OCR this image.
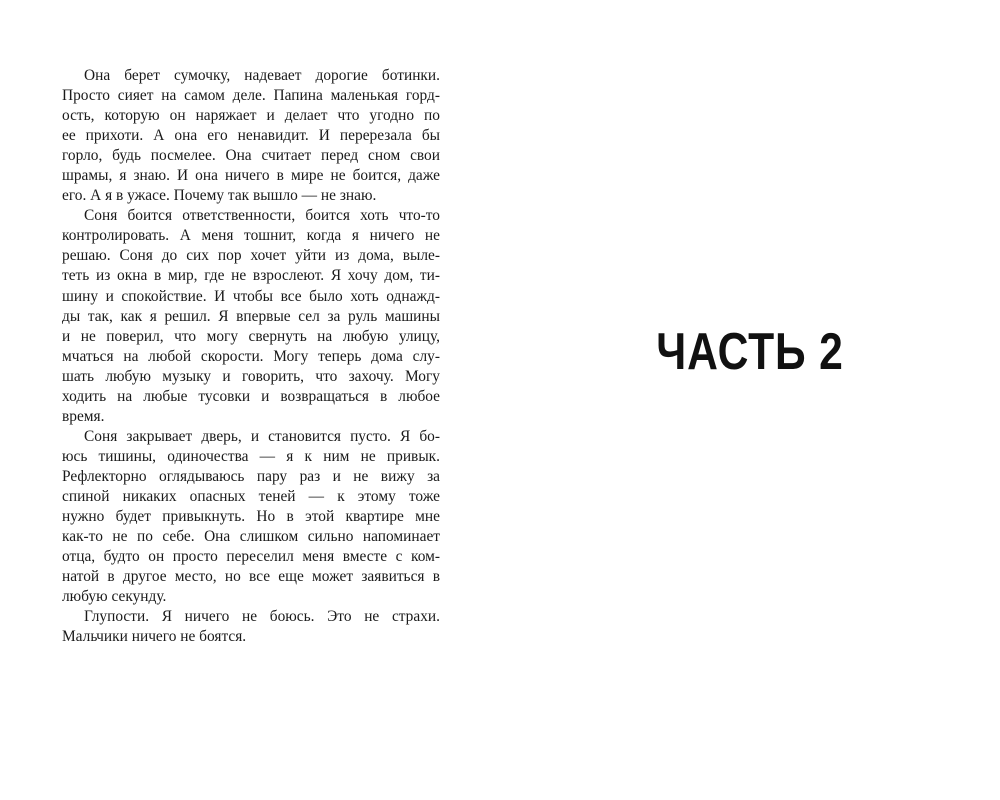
Она берет сумочку, надевает дорогие ботинки.
Просто сияет на самом деле. Папина маленькая горд-
ость, которую он наряжает и делает что угодно по
ее прихоти. А она его ненавидит. И перерезала бы
горло, будь посмелее. Она считает перед сном свои
шрамы, я знаю. И она ничего в мире не боится, даже
его. А я в ужасе. Почему так вышло — не знаю.
Соня боится ответственности, боится хоть что-то
контролировать. А меня тошнит, когда я ничего не
решаю. Соня до сих пор хочет уйти из дома, выле-
теть из окна в мир, где не взрослеют. Я хочу дом, ти-
шину и спокойствие. И чтобы все было хоть однажд-
ды так, как я решил. Я впервые сел за руль машины
и не поверил, что могу свернуть на любую улицу,
мчаться на любой скорости. Могу теперь дома слу-
шать любую музыку и говорить, что захочу. Могу
ходить на любые тусовки и возвращаться в любое
время.
Соня закрывает дверь, и становится пусто. Я бо-
юсь тишины, одиночества — я к ним не привык.
Рефлекторно оглядываюсь пару раз и не вижу за
спиной никаких опасных теней — к этому тоже
нужно будет привыкнуть. Но в этой квартире мне
как-то не по себе. Она слишком сильно напоминает
отца, будто он просто переселил меня вместе с ком-
натой в другое место, но все еще может заявиться в
любую секунду.
Глупости. Я ничего не боюсь. Это не страхи.
Мальчики ничего не боятся.
ЧАСТЬ 2
